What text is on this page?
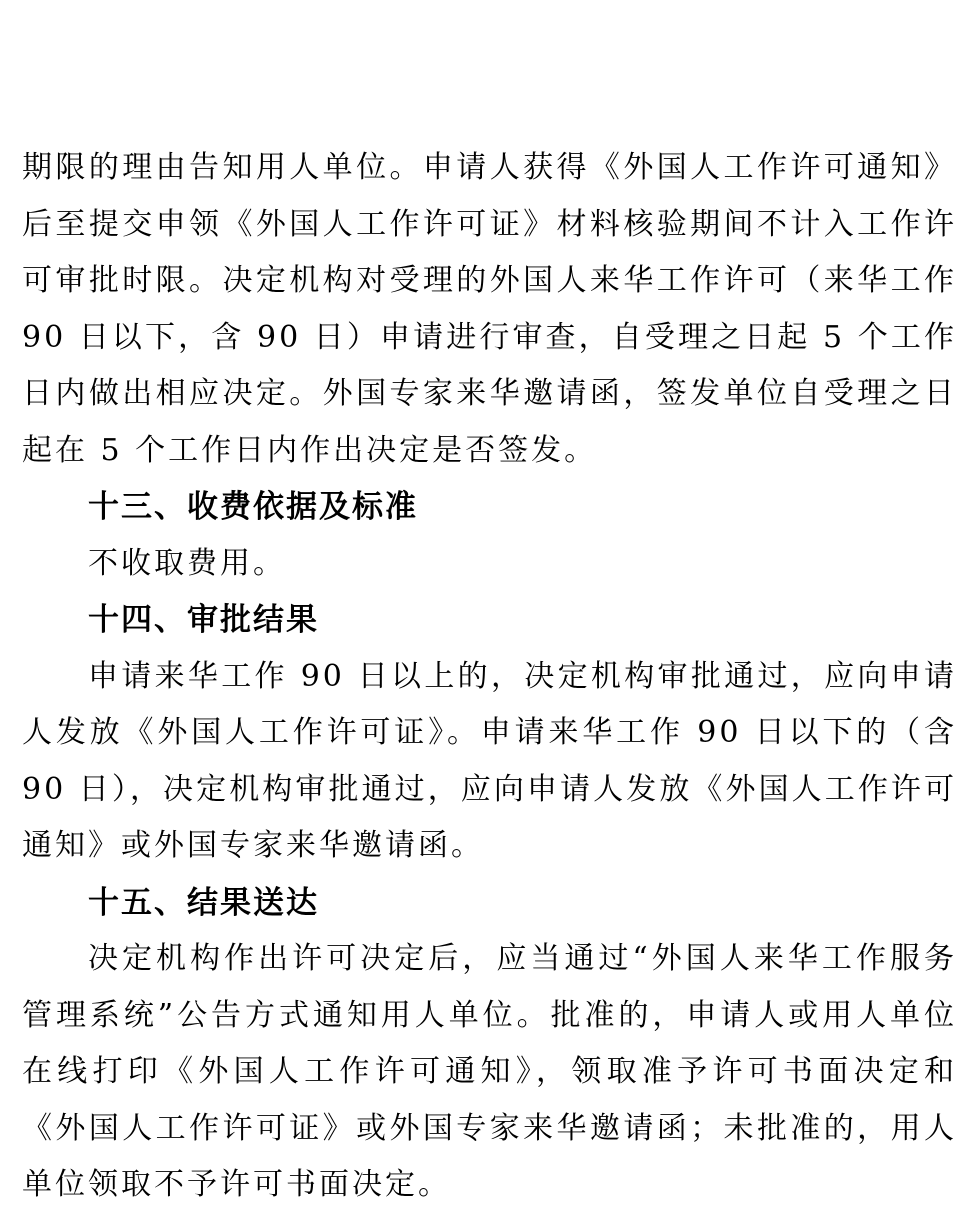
期限的理由告知用人单位。申请人获得《外国人工作许可通知》后至提交申领《外国人工作许可证》材料核验期间不计入工作许可审批时限。决定机构对受理的外国人来华工作许可（来华工作 90 日以下，含 90 日）申请进行审查，自受理之日起 5 个工作日内做出相应决定。外国专家来华邀请函，签发单位自受理之日起在 5 个工作日内作出决定是否签发。

十三、收费依据及标准

不收取费用。

十四、审批结果

申请来华工作 90 日以上的，决定机构审批通过，应向申请人发放《外国人工作许可证》。申请来华工作 90 日以下的（含 90 日），决定机构审批通过，应向申请人发放《外国人工作许可通知》或外国专家来华邀请函。

十五、结果送达

决定机构作出许可决定后，应当通过“外国人来华工作服务管理系统”公告方式通知用人单位。批准的，申请人或用人单位在线打印《外国人工作许可通知》，领取准予许可书面决定和《外国人工作许可证》或外国专家来华邀请函；未批准的，用人单位领取不予许可书面决定。
